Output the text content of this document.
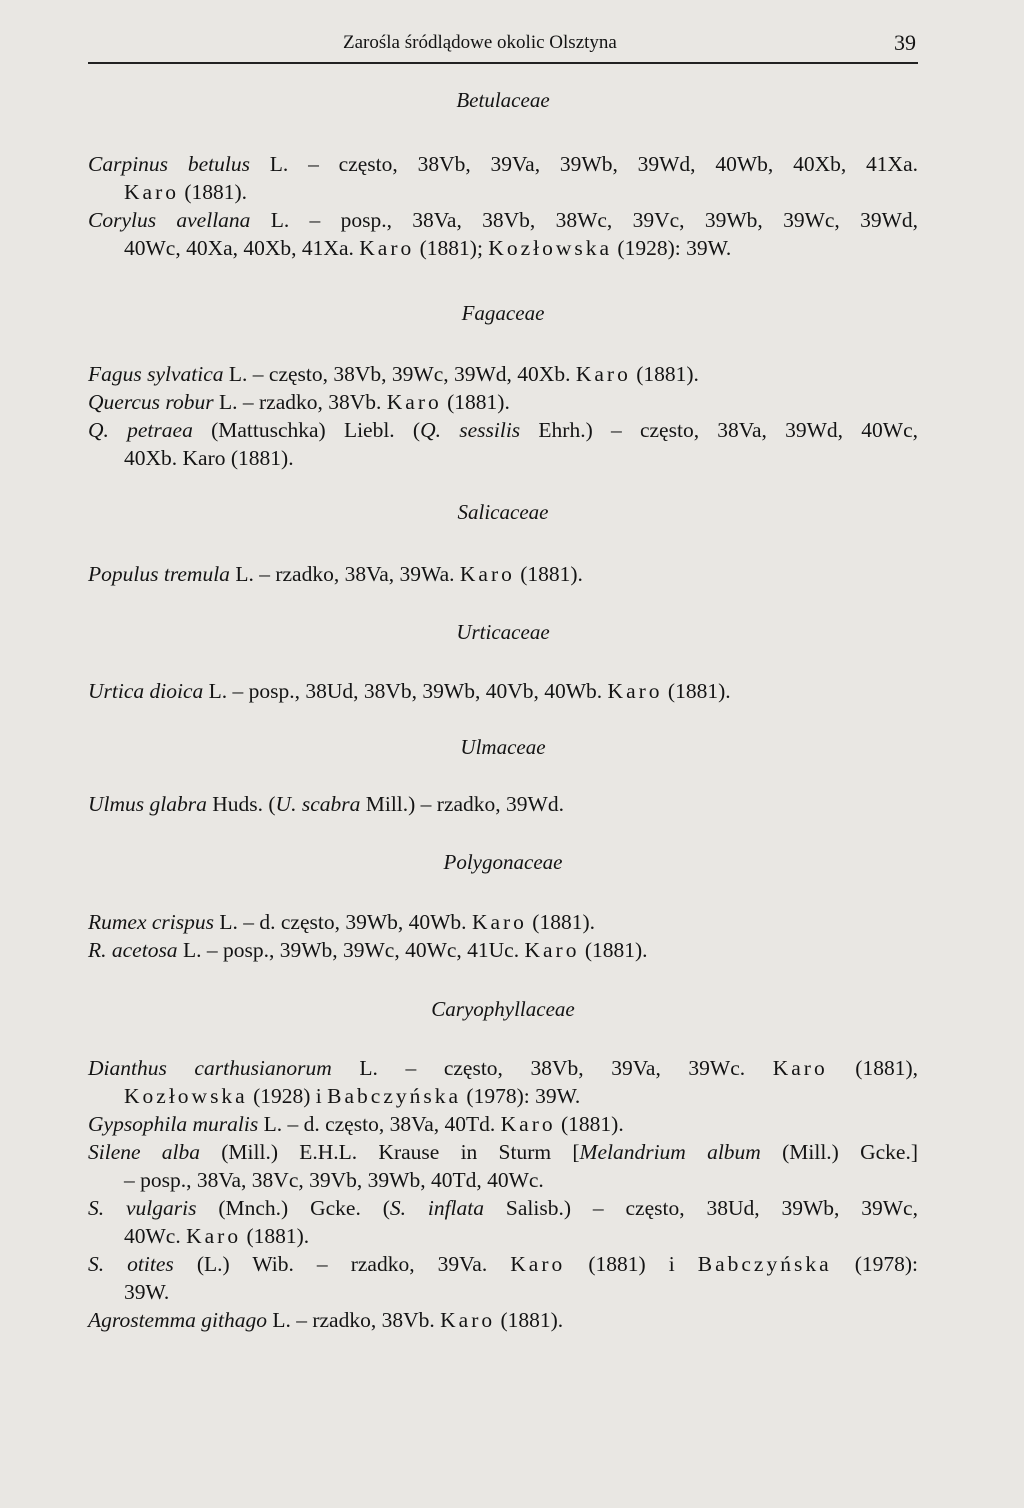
Zarośla śródlądowe okolic Olsztyna	39
Betulaceae
Carpinus betulus L. – często, 38Vb, 39Va, 39Wb, 39Wd, 40Wb, 40Xb, 41Xa.
Karo (1881).
Corylus avellana L. – posp., 38Va, 38Vb, 38Wc, 39Vc, 39Wb, 39Wc, 39Wd,
40Wc, 40Xa, 40Xb, 41Xa. Karo (1881); Kozłowska (1928): 39W.
Fagaceae
Fagus sylvatica L. – często, 38Vb, 39Wc, 39Wd, 40Xb. Karo (1881).
Quercus robur L. – rzadko, 38Vb. Karo (1881).
Q. petraea (Mattuschka) Liebl. (Q. sessilis Ehrh.) – często, 38Va, 39Wd, 40Wc,
40Xb. Karo (1881).
Salicaceae
Populus tremula L. – rzadko, 38Va, 39Wa. Karo (1881).
Urticaceae
Urtica dioica L. – posp., 38Ud, 38Vb, 39Wb, 40Vb, 40Wb. Karo (1881).
Ulmaceae
Ulmus glabra Huds. (U. scabra Mill.) – rzadko, 39Wd.
Polygonaceae
Rumex crispus L. – d. często, 39Wb, 40Wb. Karo (1881).
R. acetosa L. – posp., 39Wb, 39Wc, 40Wc, 41Uc. Karo (1881).
Caryophyllaceae
Dianthus carthusianorum L. – często, 38Vb, 39Va, 39Wc. Karo (1881),
Kozłowska (1928) i Babczyńska (1978): 39W.
Gypsophila muralis L. – d. często, 38Va, 40Td. Karo (1881).
Silene alba (Mill.) E.H.L. Krause in Sturm [Melandrium album (Mill.) Gcke.]
– posp., 38Va, 38Vc, 39Vb, 39Wb, 40Td, 40Wc.
S. vulgaris (Mnch.) Gcke. (S. inflata Salisb.) – często, 38Ud, 39Wb, 39Wc,
40Wc. Karo (1881).
S. otites (L.) Wib. – rzadko, 39Va. Karo (1881) i Babczyńska (1978):
39W.
Agrostemma githago L. – rzadko, 38Vb. Karo (1881).
